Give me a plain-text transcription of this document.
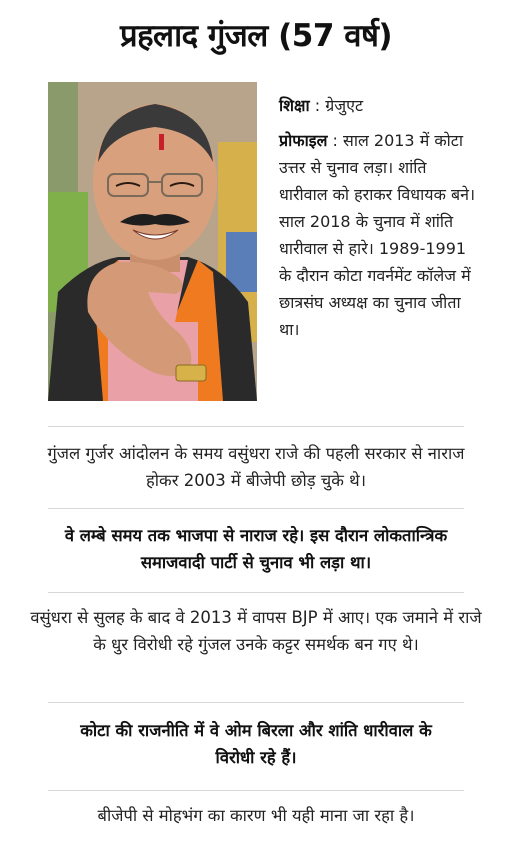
प्रहलाद गुंजल (57 वर्ष)
शिक्षा : ग्रेजुएट
प्रोफाइल : साल 2013 में कोटा उत्तर से चुनाव लड़ा। शांति धारीवाल को हराकर विधायक बने। साल 2018 के चुनाव में शांति धारीवाल से हारे। 1989-1991 के दौरान कोटा गवर्नमेंट कॉलेज में छात्रसंघ अध्यक्ष का चुनाव जीता था।
गुंजल गुर्जर आंदोलन के समय वसुंधरा राजे की पहली सरकार से नाराज होकर 2003 में बीजेपी छोड़ चुके थे।
वे लम्बे समय तक भाजपा से नाराज रहे। इस दौरान लोकतान्त्रिक समाजवादी पार्टी से चुनाव भी लड़ा था।
वसुंधरा से सुलह के बाद वे 2013 में वापस BJP में आए। एक जमाने में राजे के धुर विरोधी रहे गुंजल उनके कट्टर समर्थक बन गए थे।
कोटा की राजनीति में वे ओम बिरला और शांति धारीवाल के विरोधी रहे हैं।
बीजेपी से मोहभंग का कारण भी यही माना जा रहा है।
